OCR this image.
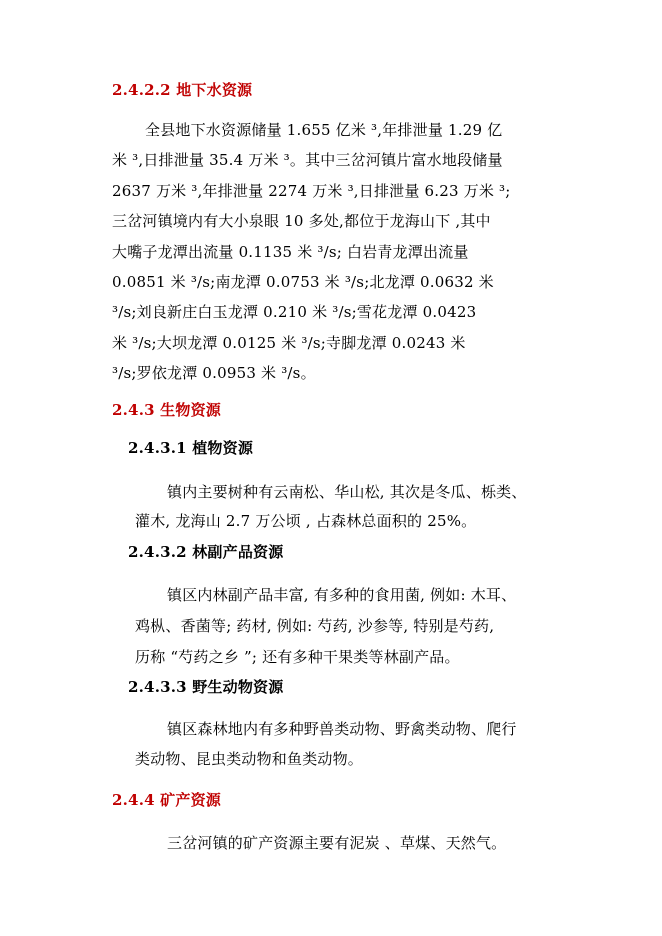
2.4.2.2 地下水资源
全县地下水资源储量 1.655 亿米 ³,年排泄量 1.29 亿
米 ³,日排泄量 35.4 万米 ³。其中三岔河镇片富水地段储量
2637 万米 ³,年排泄量 2274 万米 ³,日排泄量 6.23 万米 ³;
三岔河镇境内有大小泉眼 10 多处,都位于龙海山下 ,其中
大嘴子龙潭出流量 0.1135 米 ³/s; 白岩青龙潭出流量
0.0851 米 ³/s;南龙潭 0.0753 米 ³/s;北龙潭 0.0632 米
³/s;刘良新庄白玉龙潭 0.210 米 ³/s;雪花龙潭 0.0423
米 ³/s;大坝龙潭 0.0125 米 ³/s;寺脚龙潭 0.0243 米
³/s;罗依龙潭 0.0953 米 ³/s。
2.4.3 生物资源
2.4.3.1 植物资源
镇内主要树种有云南松、华山松, 其次是冬瓜、栎类、
灌木, 龙海山 2.7 万公顷 , 占森林总面积的 25%。
2.4.3.2 林副产品资源
镇区内林副产品丰富, 有多种的食用菌, 例如: 木耳、
鸡枞、香菌等; 药材, 例如: 芍药, 沙参等, 特别是芍药,
历称 “芍药之乡 ”; 还有多种干果类等林副产品。
2.4.3.3 野生动物资源
镇区森林地内有多种野兽类动物、野禽类动物、爬行
类动物、昆虫类动物和鱼类动物。
2.4.4 矿产资源
三岔河镇的矿产资源主要有泥炭 、草煤、天然气。
